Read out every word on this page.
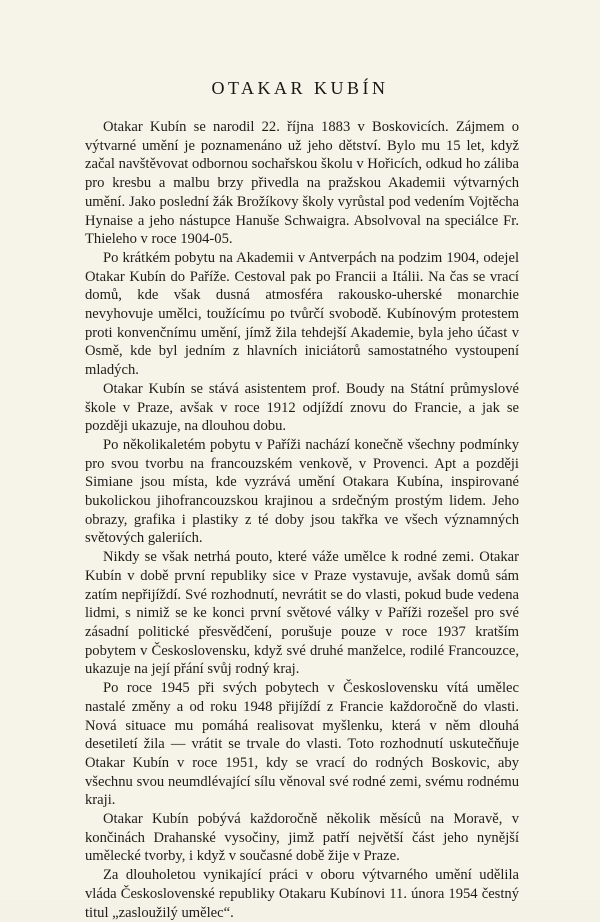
OTAKAR KUBÍN

Otakar Kubín se narodil 22. října 1883 v Boskovicích. Zájmem o výtvarné umění je poznamenáno už jeho dětství. Bylo mu 15 let, když začal navštěvovat odbornou sochařskou školu v Hořicích, odkud ho záliba pro kresbu a malbu brzy přivedla na pražskou Akademii výtvarných umění. Jako poslední žák Brožíkovy školy vyrůstal pod vedením Vojtěcha Hynaise a jeho nástupce Hanuše Schwaigra. Absolvoval na speciálce Fr. Thieleho v roce 1904-05.

Po krátkém pobytu na Akademii v Antverpách na podzim 1904, odejel Otakar Kubín do Paříže. Cestoval pak po Francii a Itálii. Na čas se vrací domů, kde však dusná atmosféra rakousko-uherské monarchie nevyhovuje umělci, toužícímu po tvůrčí svobodě. Kubínovým protestem proti konvenčnímu umění, jímž žila tehdejší Akademie, byla jeho účast v Osmě, kde byl jedním z hlavních iniciátorů samostatného vystoupení mladých.

Otakar Kubín se stává asistentem prof. Boudy na Státní průmyslové škole v Praze, avšak v roce 1912 odjíždí znovu do Francie, a jak se později ukazuje, na dlouhou dobu.

Po několikaletém pobytu v Paříži nachází konečně všechny podmínky pro svou tvorbu na francouzském venkově, v Provenci. Apt a později Simiane jsou místa, kde vyzrává umění Otakara Kubína, inspirované bukolickou jihofrancouzskou krajinou a srdečným prostým lidem. Jeho obrazy, grafika i plastiky z té doby jsou takřka ve všech významných světových galeriích.

Nikdy se však netrhá pouto, které váže umělce k rodné zemi. Otakar Kubín v době první republiky sice v Praze vystavuje, avšak domů sám zatím nepřijíždí. Své rozhodnutí, nevrátit se do vlasti, pokud bude vedena lidmi, s nimiž se ke konci první světové války v Paříži rozešel pro své zásadní politické přesvědčení, porušuje pouze v roce 1937 kratším pobytem v Československu, když své druhé manželce, rodilé Francouzce, ukazuje na její přání svůj rodný kraj.

Po roce 1945 při svých pobytech v Československu vítá umělec nastalé změny a od roku 1948 přijíždí z Francie každoročně do vlasti. Nová situace mu pomáhá realisovat myšlenku, která v něm dlouhá desetiletí žila — vrátit se trvale do vlasti. Toto rozhodnutí uskutečňuje Otakar Kubín v roce 1951, kdy se vrací do rodných Boskovic, aby všechnu svou neumdlévající sílu věnoval své rodné zemi, svému rodnému kraji.

Otakar Kubín pobývá každoročně několik měsíců na Moravě, v končinách Drahanské vysočiny, jimž patří největší část jeho nynější umělecké tvorby, i když v současné době žije v Praze.

Za dlouholetou vynikající práci v oboru výtvarného umění udělila vláda Československé republiky Otakaru Kubínovi 11. února 1954 čestný titul „zasloužilý umělec“.
